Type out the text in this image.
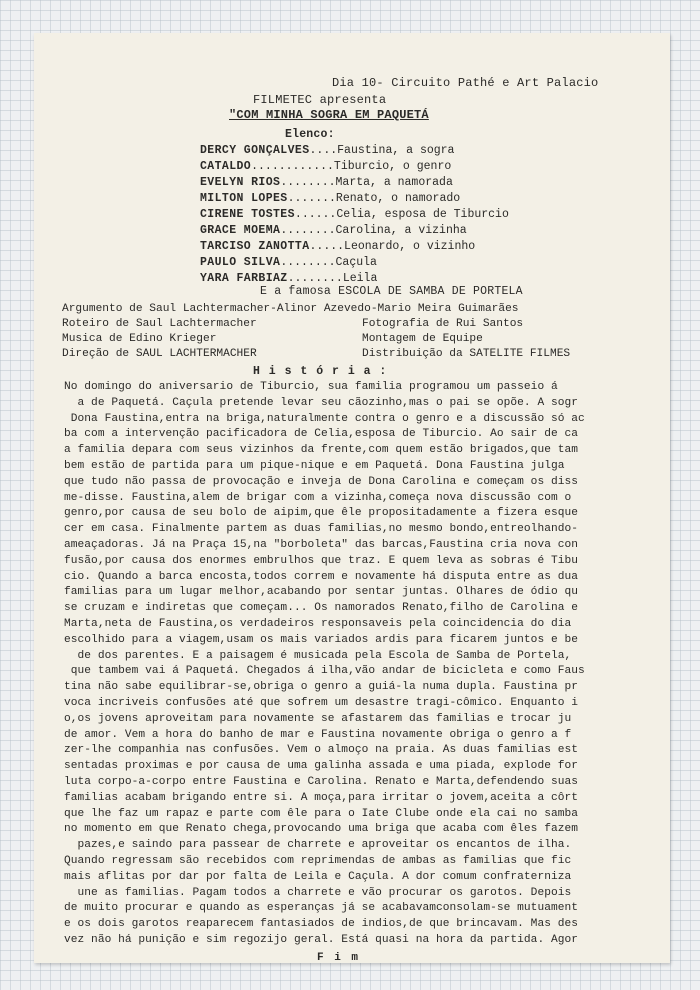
Dia 10- Circuito Pathé e Art Palacio
FILMETEC apresenta
"COM MINHA SOGRA EM PAQUETÁ
Elenco:
DERCY GONÇALVES....Faustina, a sogra
CATALDO............Tiburcio, o genro
EVELYN RIOS........Marta, a namorada
MILTON LOPES.......Renato, o namorado
CIRENE TOSTES......Celia, esposa de Tiburcio
GRACE MOEMA........Carolina, a vizinha
TARCISO ZANOTTA.....Leonardo, o vizinho
PAULO SILVA........Caçula
YARA FARBIAZ........Leila
E a famosa ESCOLA DE SAMBA DE PORTELA
Argumento de Saul Lachtermacher-Alinor Azevedo-Mario Meira Guimarães
Roteiro de Saul Lachtermacher	Fotografia de Rui Santos
Musica de Edino Krieger	Montagem de Equipe
Direção de SAUL LACHTERMACHER	Distribuição da SATELITE FILMES
H i s t ó r i a :
No domingo do aniversario de Tiburcio, sua familia programou um passeio á
a de Paquetá. Caçula pretende levar seu cãozinho,mas o pai se opõe. A sogr
Dona Faustina,entra na briga,naturalmente contra o genro e a discussão só ac
ba com a intervenção pacificadora de Celia,esposa de Tiburcio. Ao sair de ca
a familia depara com seus vizinhos da frente,com quem estão brigados,que tam
bem estão de partida para um pique-nique e em Paquetá. Dona Faustina julga
que tudo não passa de provocação e inveja de Dona Carolina e começam os diss
me-disse. Faustina,alem de brigar com a vizinha,começa nova discussão com o
genro,por causa de seu bolo de aipim,que êle propositadamente a fizera esque
cer em casa. Finalmente partem as duas familias,no mesmo bondo,entreolhando-
ameaçadoras. Já na Praça 15,na "borboleta" das barcas,Faustina cria nova con
fusão,por causa dos enormes embrulhos que traz. E quem leva as sobras é Tibu
cio. Quando a barca encosta,todos correm e novamente há disputa entre as dua
familias para um lugar melhor,acabando por sentar juntas. Olhares de ódio qu
se cruzam e indiretas que começam... Os namorados Renato,filho de Carolina e
Marta,neta de Faustina,os verdadeiros responsaveis pela coincidencia do dia
escolhido para a viagem,usam os mais variados ardis para ficarem juntos e be
de dos parentes. E a paisagem é musicada pela Escola de Samba de Portela,
que tambem vai á Paquetá. Chegados á ilha,vão andar de bicicleta e como Faus
tina não sabe equilibrar-se,obriga o genro a guiá-la numa dupla. Faustina pr
voca incriveis confusões até que sofrem um desastre tragi-cômico. Enquanto i
o,os jovens aproveitam para novamente se afastarem das familias e trocar ju
de amor. Vem a hora do banho de mar e Faustina novamente obriga o genro a f
zer-lhe companhia nas confusões. Vem o almoço na praia. As duas familias est
sentadas proximas e por causa de uma galinha assada e uma piada, explode for
luta corpo-a-corpo entre Faustina e Carolina. Renato e Marta,defendendo suas
familias acabam brigando entre si. A moça,para irritar o jovem,aceita a côrt
que lhe faz um rapaz e parte com êle para o Iate Clube onde ela cai no samba
no momento em que Renato chega,provocando uma briga que acaba com êles fazem
pazes,e saindo para passear de charrete e aproveitar os encantos de ilha.
Quando regressam são recebidos com reprimendas de ambas as familias que fic
mais aflitas por dar por falta de Leila e Caçula. A dor comum confraterniza
une as familias. Pagam todos a charrete e vão procurar os garotos. Depois
de muito procurar e quando as esperanças já se acabavamconsolam-se mutuament
e os dois garotos reaparecem fantasiados de indios,de que brincavam. Mas des
vez não há punição e sim regozijo geral. Está quasi na hora da partida. Agor
F i m
